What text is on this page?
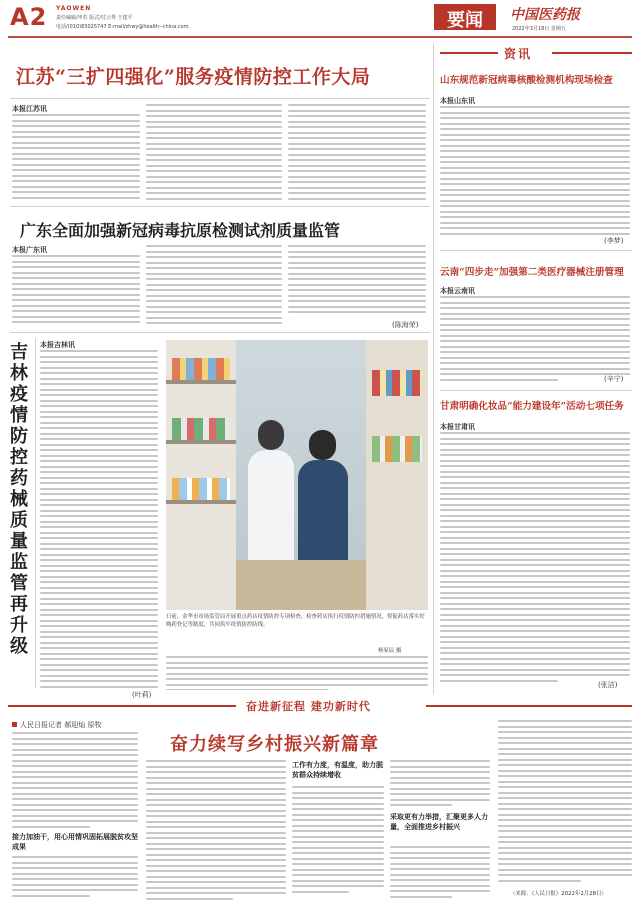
A2 YAOWEN
责任编辑/申若 版式/付云秀 王建平
电话/(010)83025747 E-mail/zhwy@health--china.com	要闻	中国医药报
2022年3月18日 星期五
江苏“三扩四强化”服务疫情防控工作大局
本报江苏讯
广东全面加强新冠病毒抗原检测试剂质量监管
本报广东讯
(陈海荣)
吉林疫情防控药械质量监管再升级
本报吉林讯
(叶莉)
日前，金华市市场监管局开展重点药店疫情防控专项检查，检查药店执行疫情防控措施情况，督促药店落实好购药登记等制度，共同筑牢疫情防控防线。
杨家辰 摄
资讯
山东规范新冠病毒核酸检测机构现场检查
本报山东讯
(李梦)
云南“四步走”加强第二类医疗器械注册管理
本报云南讯
(辛宁)
甘肃明确化妆品“能力建设年”活动七项任务
本报甘肃讯
(张洁)
奋进新征程 建功新时代
人民日报记者 郝迎灿 原牧
接力加油干，用心用情巩固拓展脱贫攻坚成果
奋力续写乡村振兴新篇章
工作有力度，有温度，助力脱贫群众持续增收
采取更有力举措，汇聚更多人力量，全面推进乡村振兴
（来源：《人民日报》2022年2月28日）
